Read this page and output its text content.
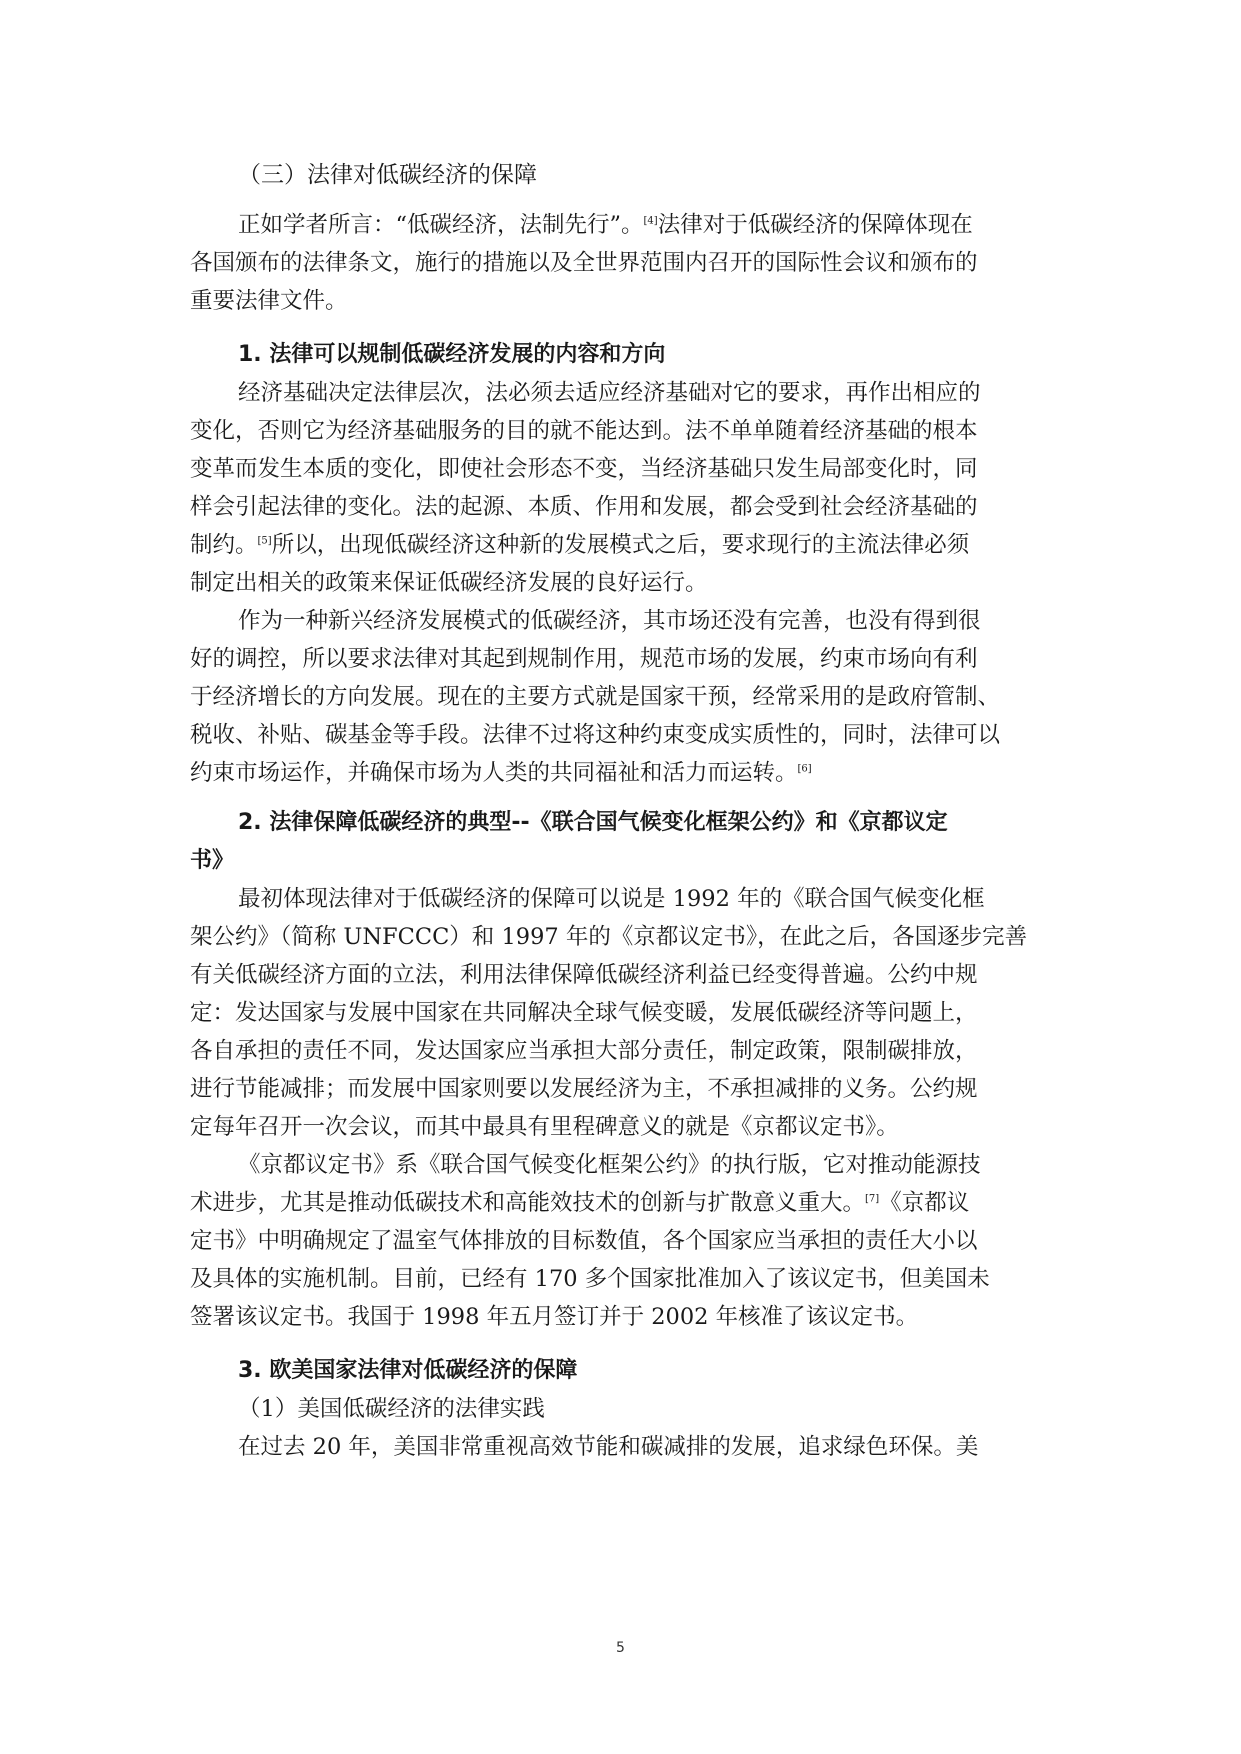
（三）法律对低碳经济的保障

正如学者所言：“低碳经济，法制先行”。[4]法律对于低碳经济的保障体现在

各国颁布的法律条文，施行的措施以及全世界范围内召开的国际性会议和颁布的

重要法律文件。

1. 法律可以规制低碳经济发展的内容和方向

经济基础决定法律层次，法必须去适应经济基础对它的要求，再作出相应的

变化，否则它为经济基础服务的目的就不能达到。法不单单随着经济基础的根本

变革而发生本质的变化，即使社会形态不变，当经济基础只发生局部变化时，同

样会引起法律的变化。法的起源、本质、作用和发展，都会受到社会经济基础的

制约。[5]所以，出现低碳经济这种新的发展模式之后，要求现行的主流法律必须

制定出相关的政策来保证低碳经济发展的良好运行。

作为一种新兴经济发展模式的低碳经济，其市场还没有完善，也没有得到很

好的调控，所以要求法律对其起到规制作用，规范市场的发展，约束市场向有利

于经济增长的方向发展。现在的主要方式就是国家干预，经常采用的是政府管制、

税收、补贴、碳基金等手段。法律不过将这种约束变成实质性的，同时，法律可以

约束市场运作，并确保市场为人类的共同福祉和活力而运转。[6]

2. 法律保障低碳经济的典型--《联合国气候变化框架公约》和《京都议定

书》

最初体现法律对于低碳经济的保障可以说是 1992 年的《联合国气候变化框

架公约》（简称 UNFCCC）和 1997 年的《京都议定书》，在此之后，各国逐步完善

有关低碳经济方面的立法，利用法律保障低碳经济利益已经变得普遍。公约中规

定：发达国家与发展中国家在共同解决全球气候变暖，发展低碳经济等问题上，

各自承担的责任不同，发达国家应当承担大部分责任，制定政策，限制碳排放，

进行节能减排；而发展中国家则要以发展经济为主，不承担减排的义务。公约规

定每年召开一次会议，而其中最具有里程碑意义的就是《京都议定书》。

《京都议定书》系《联合国气候变化框架公约》的执行版，它对推动能源技

术进步，尤其是推动低碳技术和高能效技术的创新与扩散意义重大。[7]《京都议

定书》中明确规定了温室气体排放的目标数值，各个国家应当承担的责任大小以

及具体的实施机制。目前，已经有 170 多个国家批准加入了该议定书，但美国未

签署该议定书。我国于 1998 年五月签订并于 2002 年核准了该议定书。

3. 欧美国家法律对低碳经济的保障

（1）美国低碳经济的法律实践

在过去 20 年，美国非常重视高效节能和碳减排的发展，追求绿色环保。美

5
